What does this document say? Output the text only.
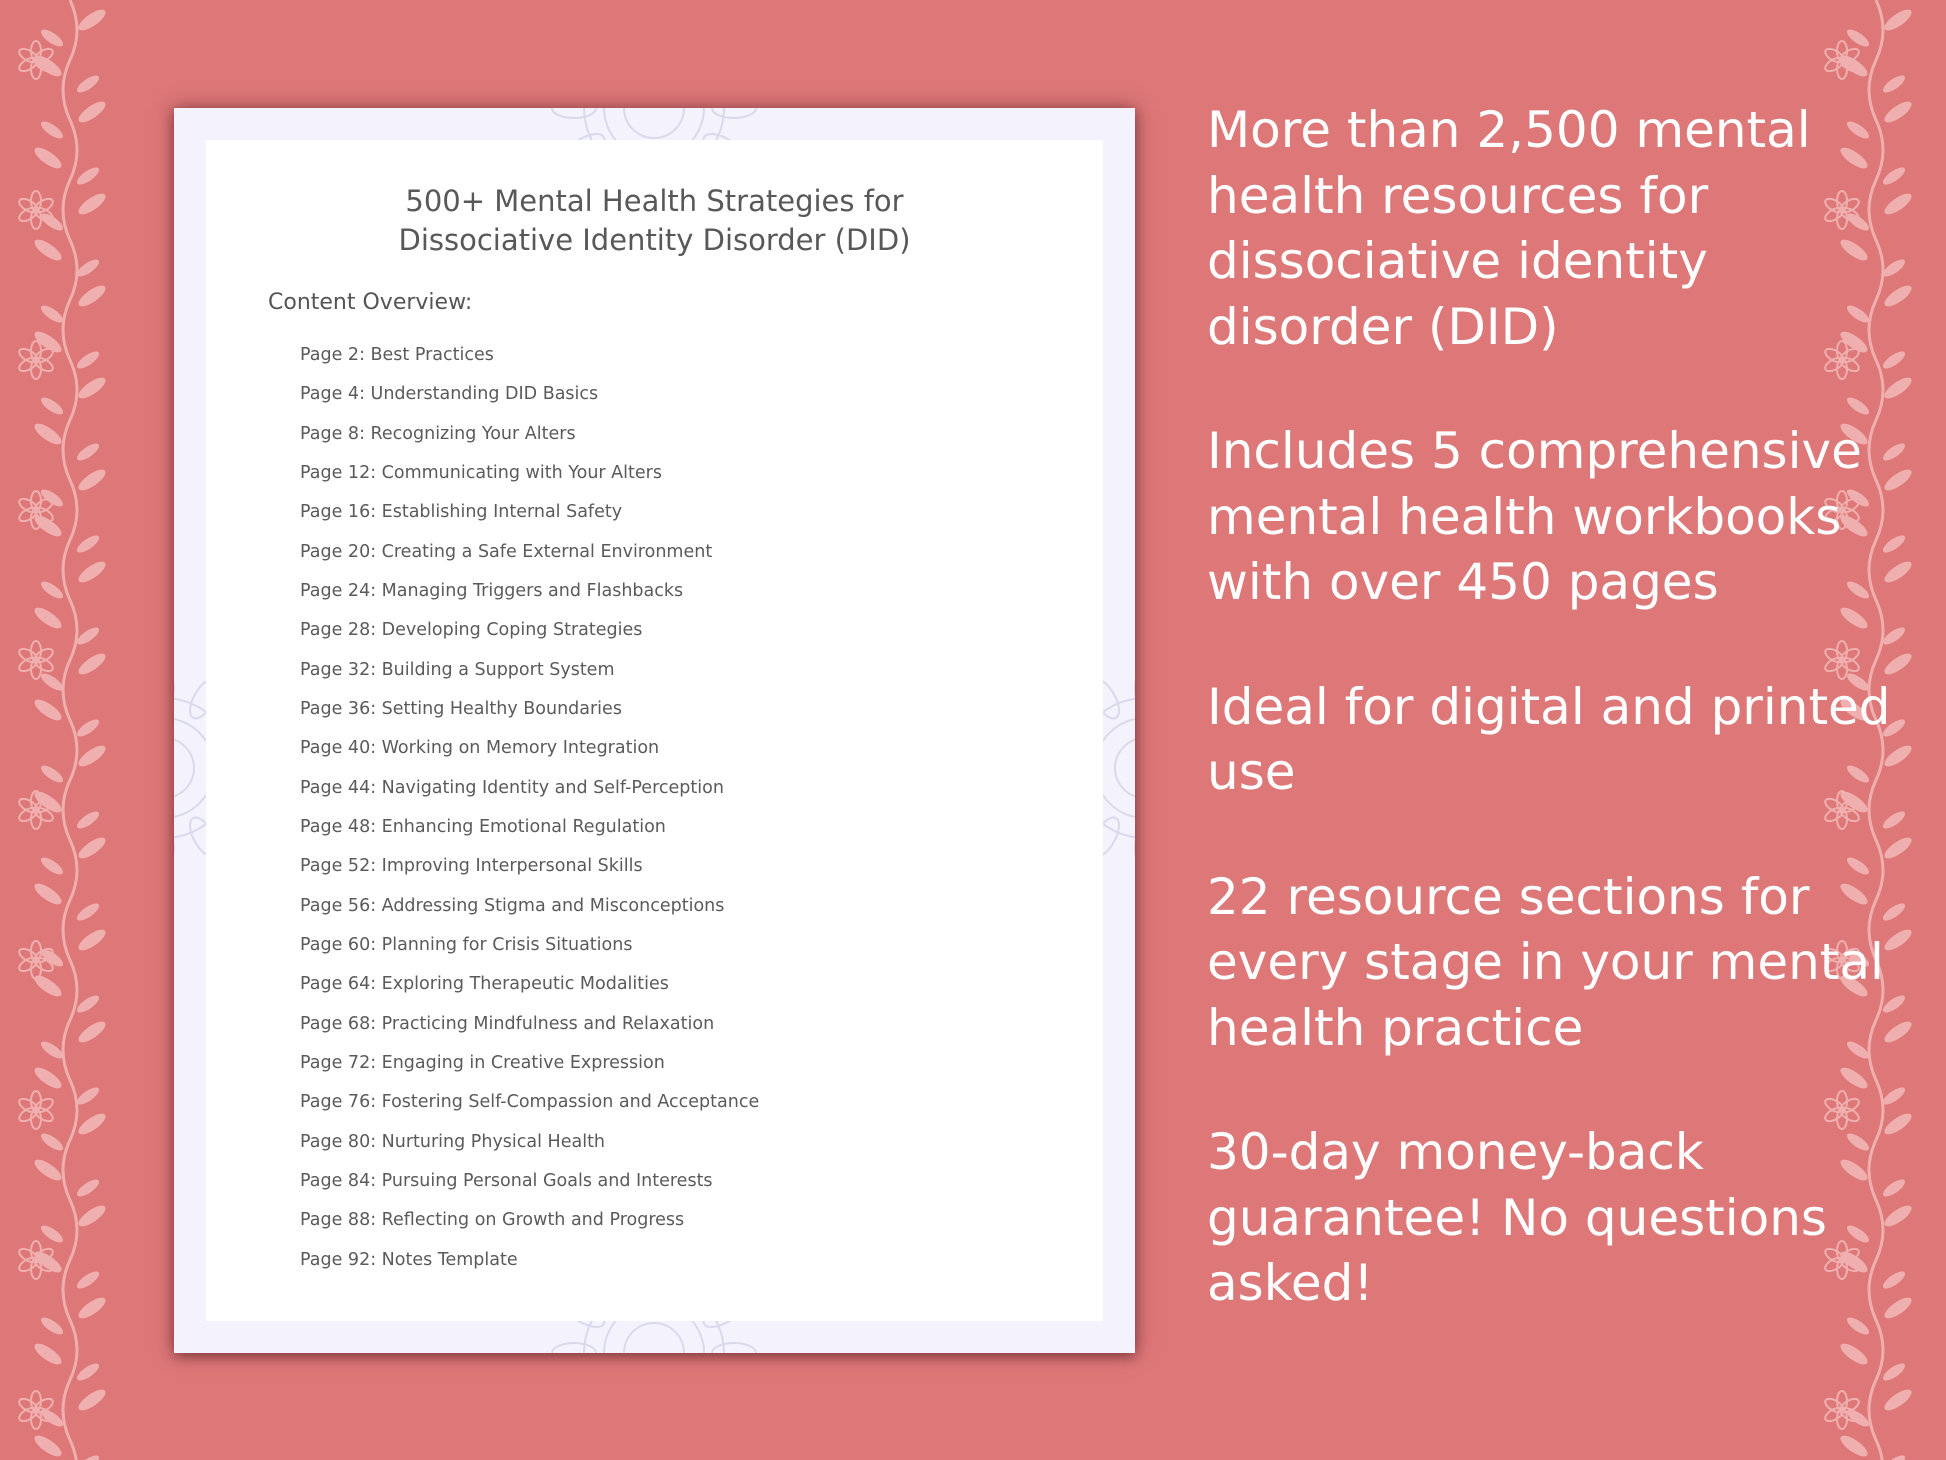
500+ Mental Health Strategies for
Dissociative Identity Disorder (DID)
Content Overview:
Page 2: Best Practices
Page 4: Understanding DID Basics
Page 8: Recognizing Your Alters
Page 12: Communicating with Your Alters
Page 16: Establishing Internal Safety
Page 20: Creating a Safe External Environment
Page 24: Managing Triggers and Flashbacks
Page 28: Developing Coping Strategies
Page 32: Building a Support System
Page 36: Setting Healthy Boundaries
Page 40: Working on Memory Integration
Page 44: Navigating Identity and Self-Perception
Page 48: Enhancing Emotional Regulation
Page 52: Improving Interpersonal Skills
Page 56: Addressing Stigma and Misconceptions
Page 60: Planning for Crisis Situations
Page 64: Exploring Therapeutic Modalities
Page 68: Practicing Mindfulness and Relaxation
Page 72: Engaging in Creative Expression
Page 76: Fostering Self-Compassion and Acceptance
Page 80: Nurturing Physical Health
Page 84: Pursuing Personal Goals and Interests
Page 88: Reflecting on Growth and Progress
Page 92: Notes Template

More than 2,500 mental health resources for dissociative identity disorder (DID)

Includes 5 comprehensive mental health workbooks with over 450 pages

Ideal for digital and printed use

22 resource sections for every stage in your mental health practice

30-day money-back guarantee! No questions asked!
